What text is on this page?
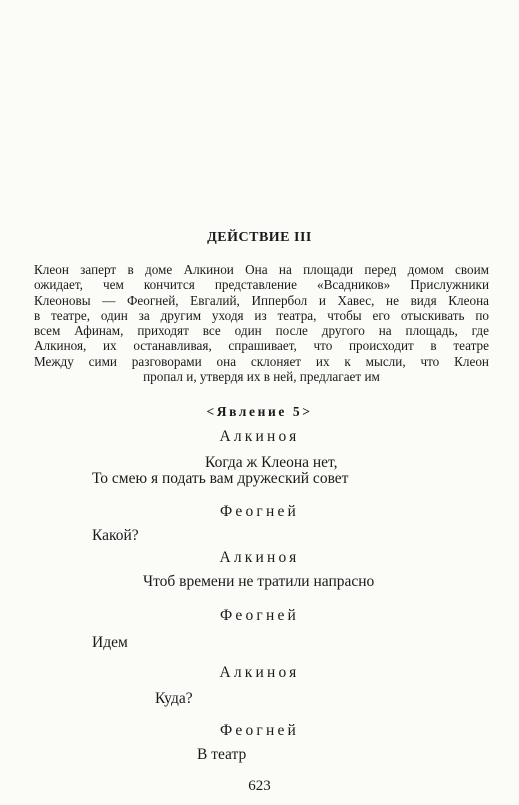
ДЕЙСТВИЕ III
Клеон заперт в доме Алкинои Она на площади перед домом своим
ожидает, чем кончится представление «Всадников» Прислужники
Клеоновы — Феогней, Евгалий, Иппербол и Хавес, не видя Клеона
в театре, один за другим уходя из театра, чтобы его отыскивать по
всем Афинам, приходят все один после другого на площадь, где
Алкиноя, их останавливая, спрашивает, что происходит в театре
Между сими разговорами она склоняет их к мысли, что Клеон
пропал и, утвердя их в ней, предлагает им
<Явление 5>
Алкиноя
Когда ж Клеона нет,
То смею я подать вам дружеский совет
Феогней
Какой?
Алкиноя
Чтоб времени не тратили напрасно
Феогней
Идем
Алкиноя
Куда?
Феогней
В театр
623
